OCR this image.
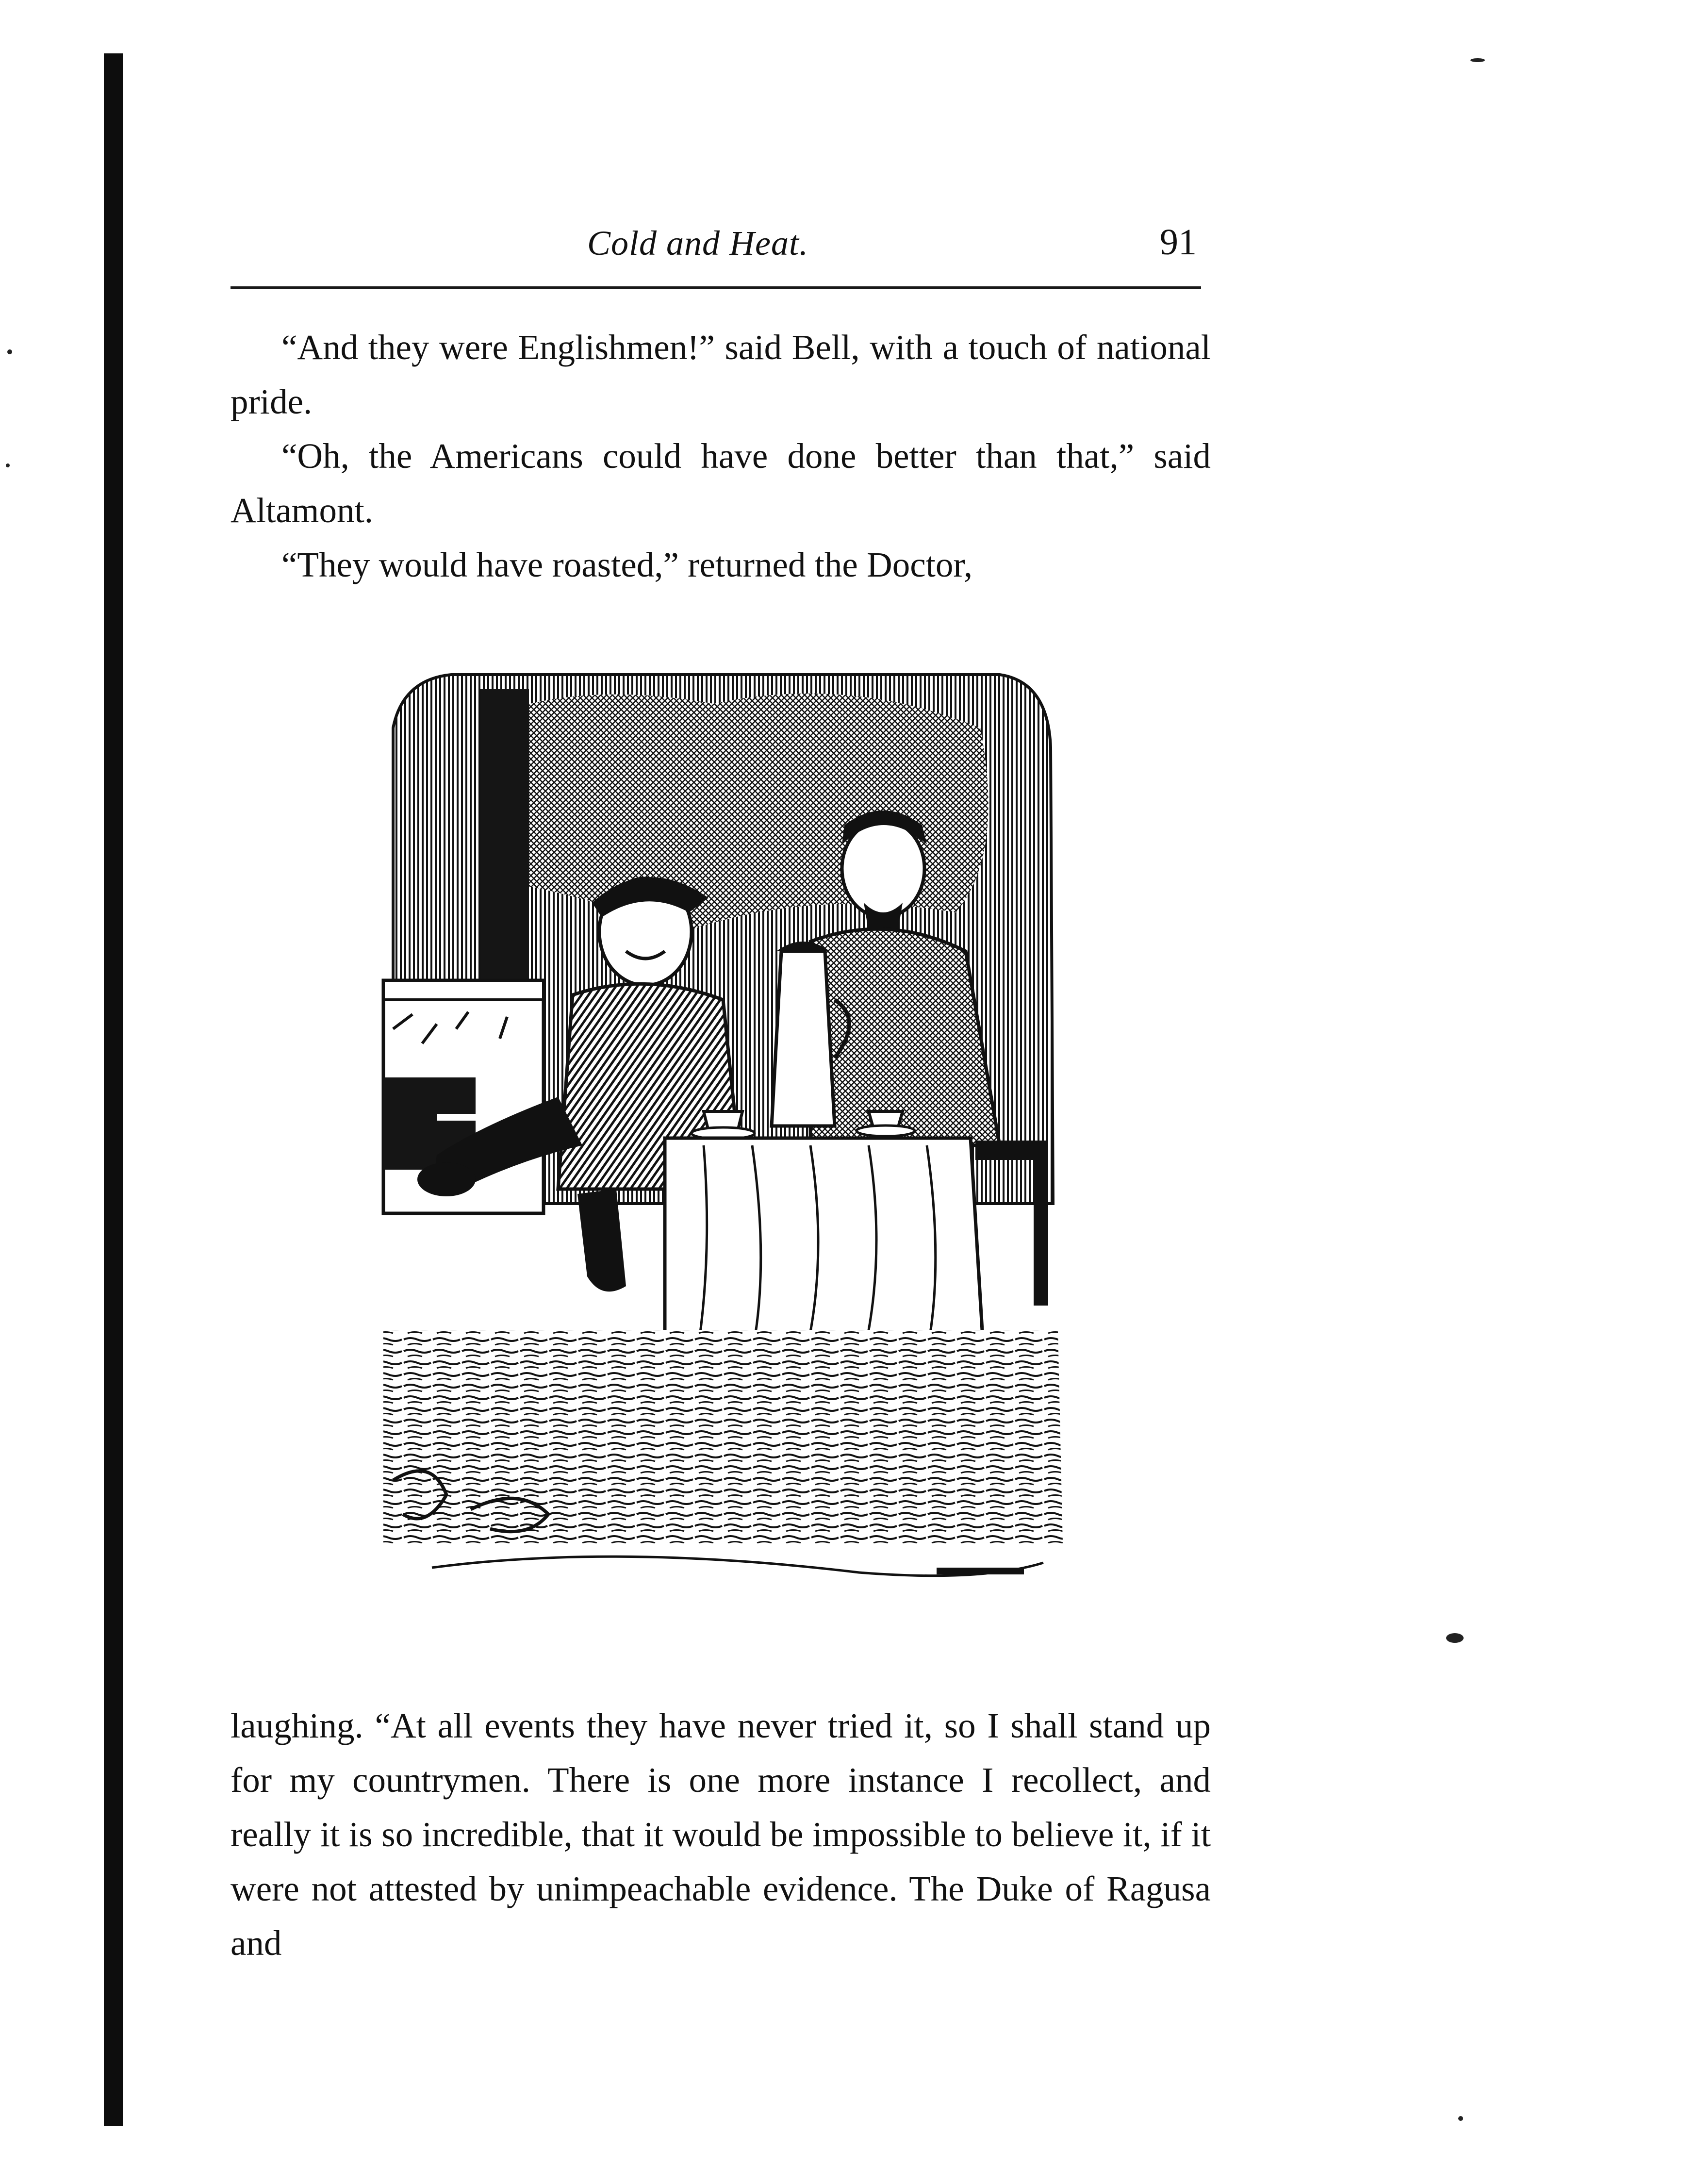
Cold and Heat.	91

“And they were Englishmen!” said Bell, with a touch of national pride.

“Oh, the Americans could have done better than that,” said Altamont.

“They would have roasted,” returned the Doctor,

laughing. “At all events they have never tried it, so I shall stand up for my countrymen. There is one more instance I recollect, and really it is so incredible, that it would be impossible to believe it, if it were not attested by unimpeachable evidence. The Duke of Ragusa and
